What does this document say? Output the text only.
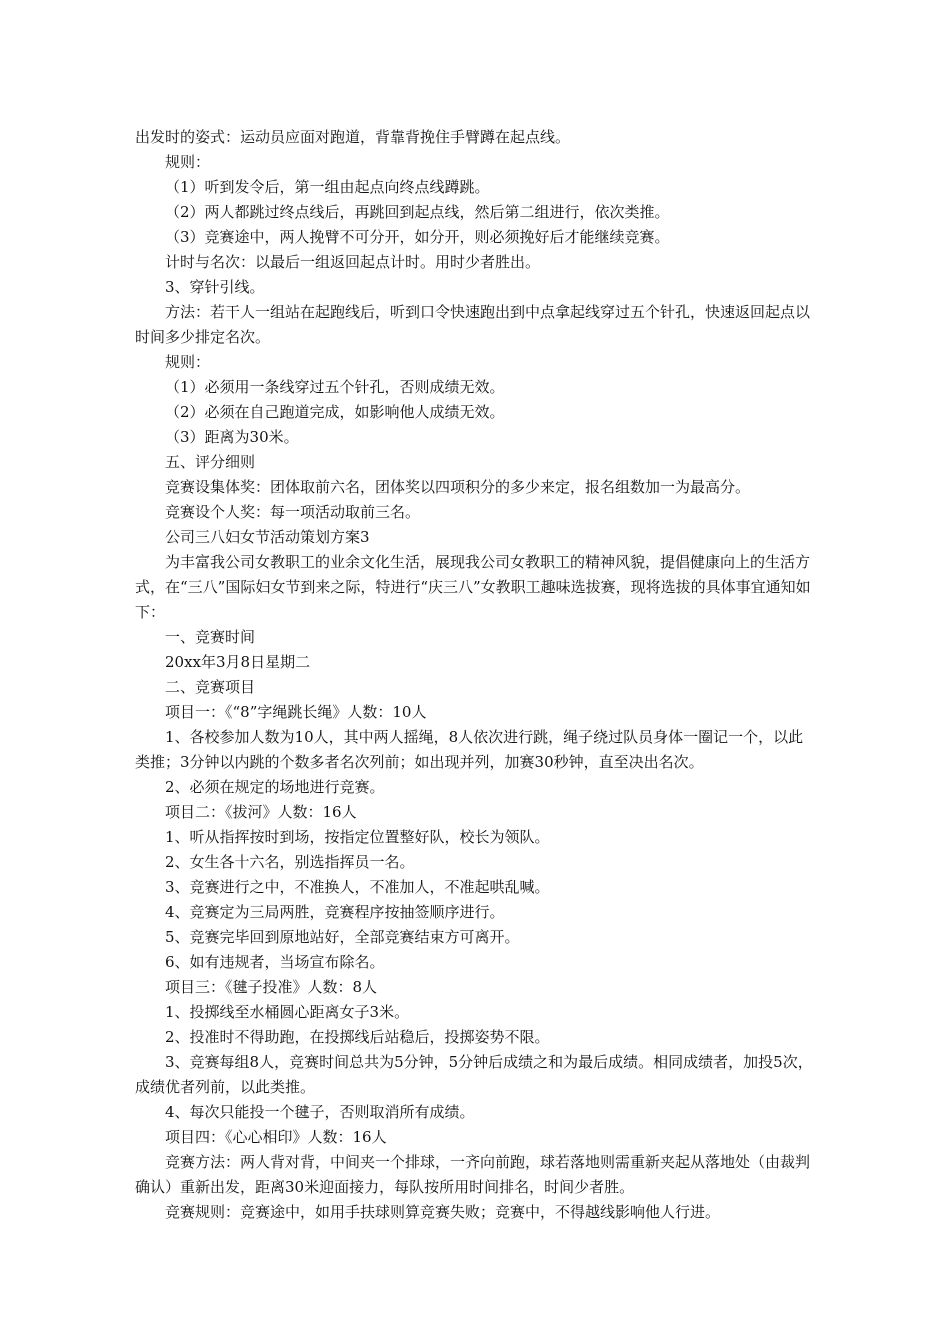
出发时的姿式：运动员应面对跑道，背靠背挽住手臂蹲在起点线。

规则：

（1）听到发令后，第一组由起点向终点线蹲跳。

（2）两人都跳过终点线后，再跳回到起点线，然后第二组进行，依次类推。

（3）竞赛途中，两人挽臂不可分开，如分开，则必须挽好后才能继续竞赛。

计时与名次：以最后一组返回起点计时。用时少者胜出。

3、穿针引线。

方法：若干人一组站在起跑线后，听到口令快速跑出到中点拿起线穿过五个针孔，快速返回起点以时间多少排定名次。

规则：

（1）必须用一条线穿过五个针孔，否则成绩无效。

（2）必须在自己跑道完成，如影响他人成绩无效。

（3）距离为30米。

五、评分细则

竞赛设集体奖：团体取前六名，团体奖以四项积分的多少来定，报名组数加一为最高分。

竞赛设个人奖：每一项活动取前三名。

公司三八妇女节活动策划方案3

为丰富我公司女教职工的业余文化生活，展现我公司女教职工的精神风貌，提倡健康向上的生活方式，在“三八”国际妇女节到来之际，特进行“庆三八”女教职工趣味选拔赛，现将选拔的具体事宜通知如下：

一、竞赛时间

20xx年3月8日星期二

二、竞赛项目

项目一：《“8”字绳跳长绳》人数：10人

1、各校参加人数为10人，其中两人摇绳，8人依次进行跳，绳子绕过队员身体一圈记一个，以此类推；3分钟以内跳的个数多者名次列前；如出现并列，加赛30秒钟，直至决出名次。

2、必须在规定的场地进行竞赛。

项目二：《拔河》人数：16人

1、听从指挥按时到场，按指定位置整好队，校长为领队。

2、女生各十六名，别选指挥员一名。

3、竞赛进行之中，不准换人，不准加人，不准起哄乱喊。

4、竞赛定为三局两胜，竞赛程序按抽签顺序进行。

5、竞赛完毕回到原地站好，全部竞赛结束方可离开。

6、如有违规者，当场宣布除名。

项目三：《毽子投准》人数：8人

1、投掷线至水桶圆心距离女子3米。

2、投准时不得助跑，在投掷线后站稳后，投掷姿势不限。

3、竞赛每组8人，竞赛时间总共为5分钟，5分钟后成绩之和为最后成绩。相同成绩者，加投5次，成绩优者列前，以此类推。

4、每次只能投一个毽子，否则取消所有成绩。

项目四：《心心相印》人数：16人

竞赛方法：两人背对背，中间夹一个排球，一齐向前跑，球若落地则需重新夹起从落地处（由裁判确认）重新出发，距离30米迎面接力，每队按所用时间排名，时间少者胜。

竞赛规则：竞赛途中，如用手扶球则算竞赛失败；竞赛中，不得越线影响他人行进。
